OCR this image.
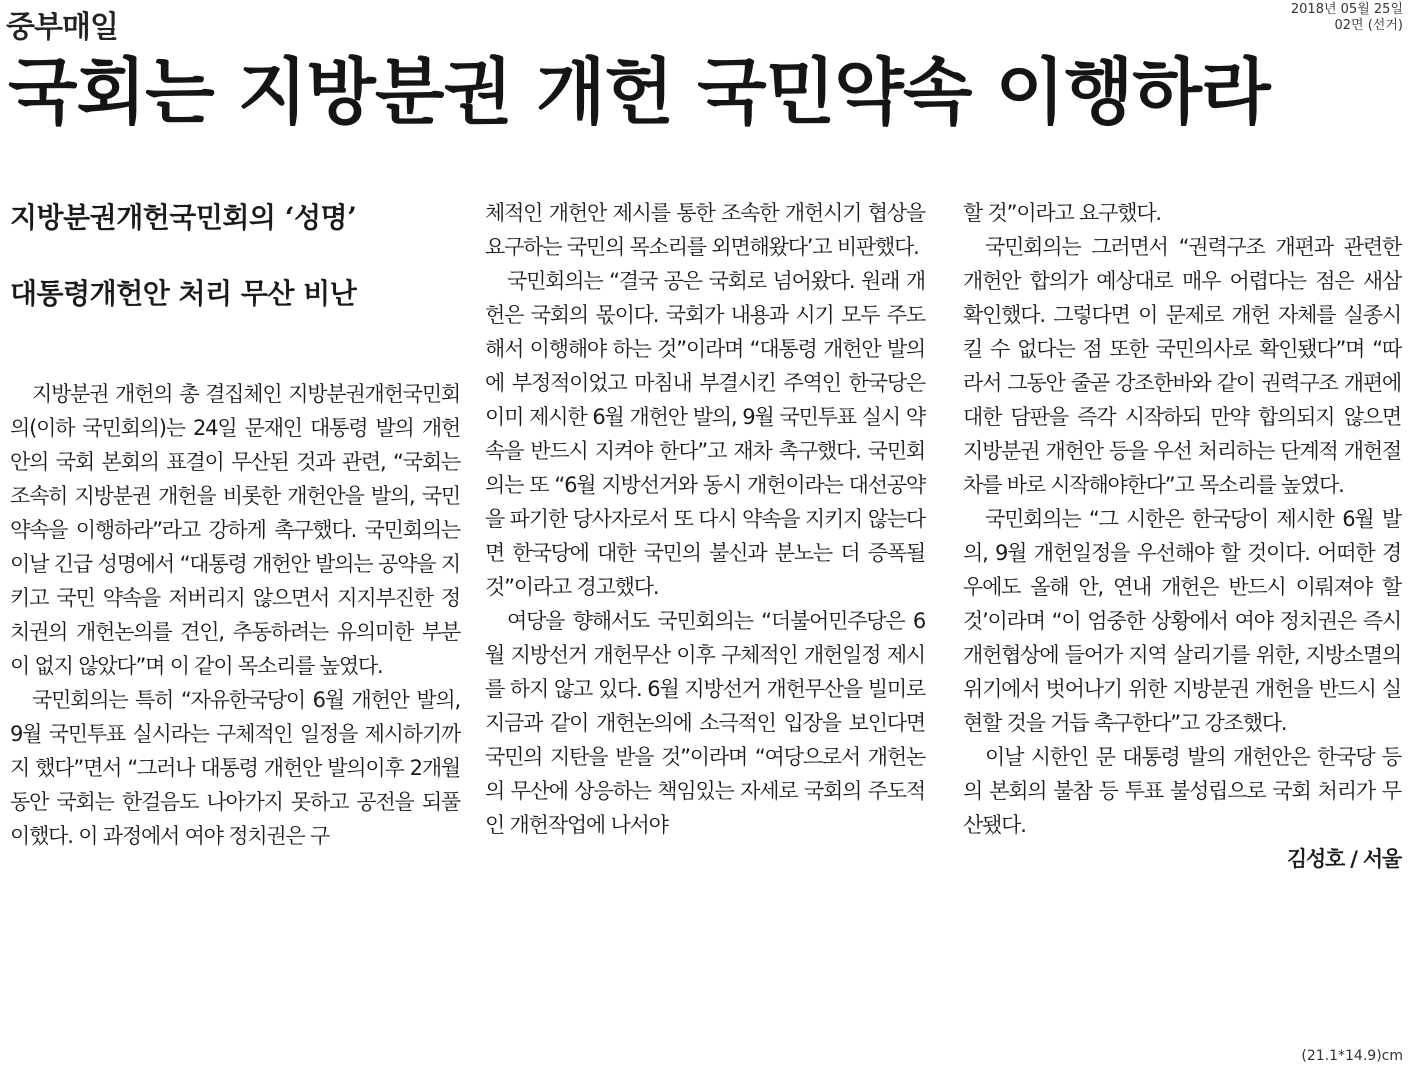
중부매일
2018년 05월 25일
02면 (선거)
국회는 지방분권 개헌 국민약속 이행하라
지방분권개헌국민회의 ‘성명’
대통령개헌안 처리 무산 비난

지방분권 개헌의 총 결집체인 지방분권개헌국민회의(이하 국민회의)는 24일 문재인 대통령 발의 개헌안의 국회 본회의 표결이 무산된 것과 관련, “국회는 조속히 지방분권 개헌을 비롯한 개헌안을 발의, 국민약속을 이행하라”라고 강하게 촉구했다. 국민회의는 이날 긴급 성명에서 “대통령 개헌안 발의는 공약을 지키고 국민 약속을 저버리지 않으면서 지지부진한 정치권의 개헌논의를 견인, 추동하려는 유의미한 부분이 없지 않았다”며 이 같이 목소리를 높였다.

국민회의는 특히 “자유한국당이 6월 개헌안 발의, 9월 국민투표 실시라는 구체적인 일정을 제시하기까지 했다”면서 “그러나 대통령 개헌안 발의이후 2개월 동안 국회는 한걸음도 나아가지 못하고 공전을 되풀이했다. 이 과정에서 여야 정치권은 구

체적인 개헌안 제시를 통한 조속한 개헌시기 협상을 요구하는 국민의 목소리를 외면해왔다’고 비판했다.

국민회의는 “결국 공은 국회로 넘어왔다. 원래 개헌은 국회의 몫이다. 국회가 내용과 시기 모두 주도해서 이행해야 하는 것”이라며 “대통령 개헌안 발의에 부정적이었고 마침내 부결시킨 주역인 한국당은 이미 제시한 6월 개헌안 발의, 9월 국민투표 실시 약속을 반드시 지켜야 한다”고 재차 촉구했다. 국민회의는 또 “6월 지방선거와 동시 개헌이라는 대선공약을 파기한 당사자로서 또 다시 약속을 지키지 않는다면 한국당에 대한 국민의 불신과 분노는 더 증폭될 것”이라고 경고했다.

여당을 향해서도 국민회의는 “더불어민주당은 6월 지방선거 개헌무산 이후 구체적인 개헌일정 제시를 하지 않고 있다. 6월 지방선거 개헌무산을 빌미로 지금과 같이 개헌논의에 소극적인 입장을 보인다면 국민의 지탄을 받을 것”이라며 “여당으로서 개헌논의 무산에 상응하는 책임있는 자세로 국회의 주도적인 개헌작업에 나서야

할 것”이라고 요구했다.

국민회의는 그러면서 “권력구조 개편과 관련한 개헌안 합의가 예상대로 매우 어렵다는 점은 새삼 확인했다. 그렇다면 이 문제로 개헌 자체를 실종시킬 수 없다는 점 또한 국민의사로 확인됐다”며 “따라서 그동안 줄곧 강조한바와 같이 권력구조 개편에 대한 담판을 즉각 시작하되 만약 합의되지 않으면 지방분권 개헌안 등을 우선 처리하는 단계적 개헌절차를 바로 시작해야한다”고 목소리를 높였다.

국민회의는 “그 시한은 한국당이 제시한 6월 발의, 9월 개헌일정을 우선해야 할 것이다. 어떠한 경우에도 올해 안, 연내 개헌은 반드시 이뤄져야 할 것’이라며 “이 엄중한 상황에서 여야 정치권은 즉시 개헌협상에 들어가 지역 살리기를 위한, 지방소멸의 위기에서 벗어나기 위한 지방분권 개헌을 반드시 실현할 것을 거듭 촉구한다”고 강조했다.

이날 시한인 문 대통령 발의 개헌안은 한국당 등의 본회의 불참 등 투표 불성립으로 국회 처리가 무산됐다.

김성호 / 서울

(21.1*14.9)cm
